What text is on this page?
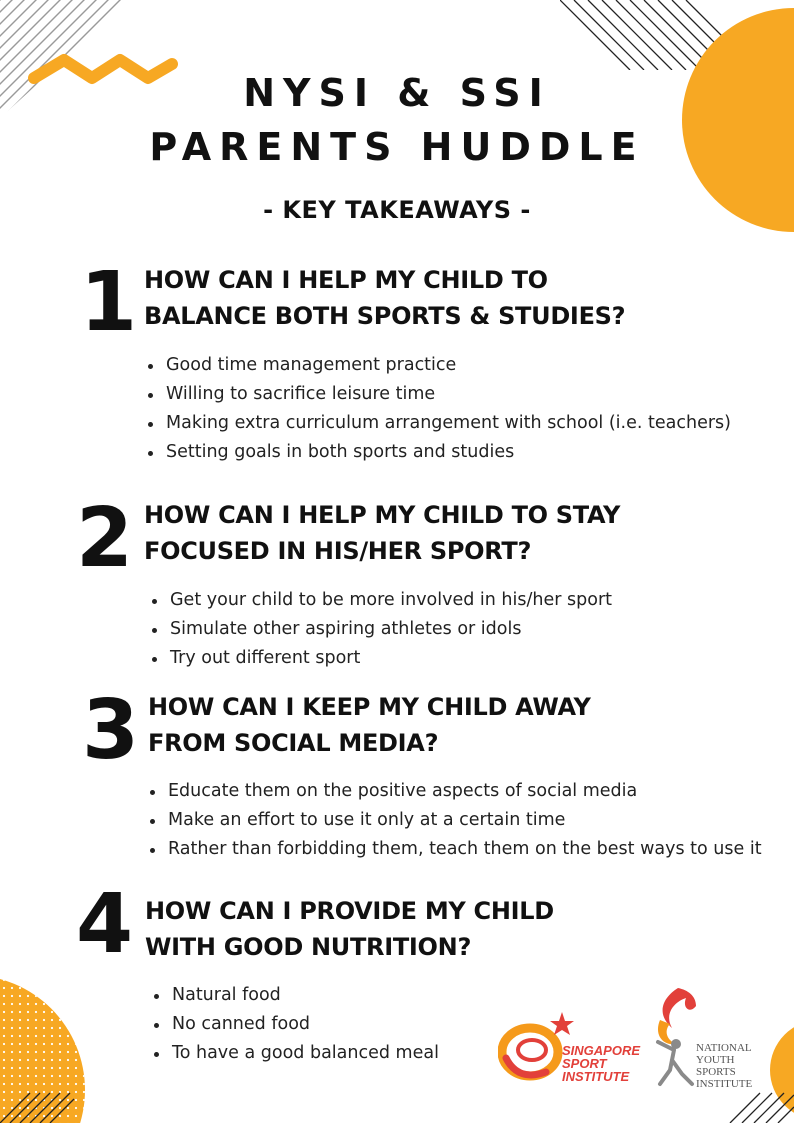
NYSI & SSI
PARENTS HUDDLE
- KEY TAKEAWAYS -
1 HOW CAN I HELP MY CHILD TO
BALANCE BOTH SPORTS & STUDIES?
Good time management practice
Willing to sacrifice leisure time
Making extra curriculum arrangement with school (i.e. teachers)
Setting goals in both sports and studies
2 HOW CAN I HELP MY CHILD TO STAY
FOCUSED IN HIS/HER SPORT?
Get your child to be more involved in his/her sport
Simulate other aspiring athletes or idols
Try out different sport
3 HOW CAN I KEEP MY CHILD AWAY
FROM SOCIAL MEDIA?
Educate them on the positive aspects of social media
Make an effort to use it only at a certain time
Rather than forbidding them, teach them on the best ways to use it
4 HOW CAN I PROVIDE MY CHILD
WITH GOOD NUTRITION?
Natural food
No canned food
To have a good balanced meal	SINGAPORE
SPORT
INSTITUTE
NATIONAL
YOUTH
SPORTS
INSTITUTE
